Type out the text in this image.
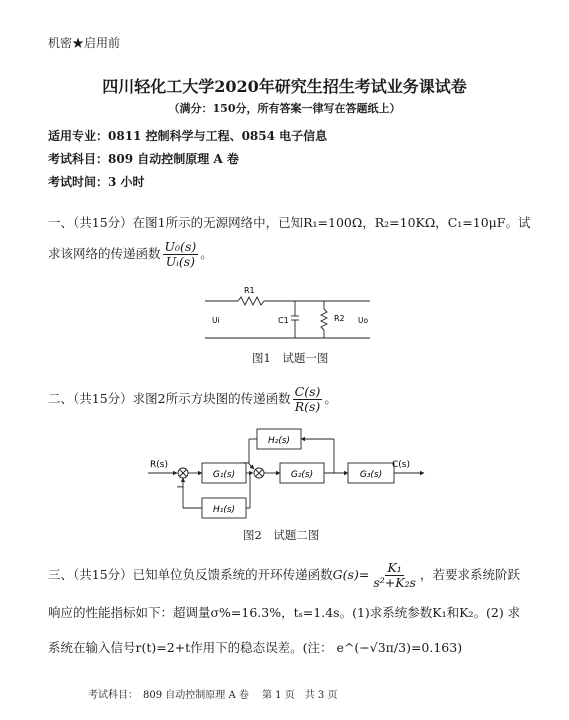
机密★启用前
四川轻化工大学2020年研究生招生考试业务课试卷
（满分：150分，所有答案一律写在答题纸上）
适用专业：0811 控制科学与工程、0854 电子信息
考试科目：809 自动控制原理 A 卷
考试时间：3 小时
一、（共15分）在图1所示的无源网络中，已知R₁=100Ω，R₂=10KΩ，C₁=10μF。试
求该网络的传递函数 $\frac{\text{U₀(s)}}{\text{Uᵢ(s)}}$ 。
R1
C1	R2
Ui	Uo
图1　试题一图
二、（共15分）求图2所示方块图的传递函数 $\frac{C(s)}{R(s)}$ 。
R(s)	C(s)
G₁(s)	G₂(s)	G₃(s)
H₂(s)
H₁(s)
−
−
图2　试题二图
三、（共15分）已知单位负反馈系统的开环传递函数$G(s)= \frac{\text{K₁}}{\text{s²+K₂s}}$ ，若要求系统阶跃
响应的性能指标如下：超调量σ%=16.3%，tₛ=1.4s。(1)求系统参数K₁和K₂。(2) 求
系统在输入信号r(t)=2+t作用下的稳态误差。(注： e^(−√3π/3)=0.163)
考试科目：　809 自动控制原理 A 卷 第 1 页　共 3 页
